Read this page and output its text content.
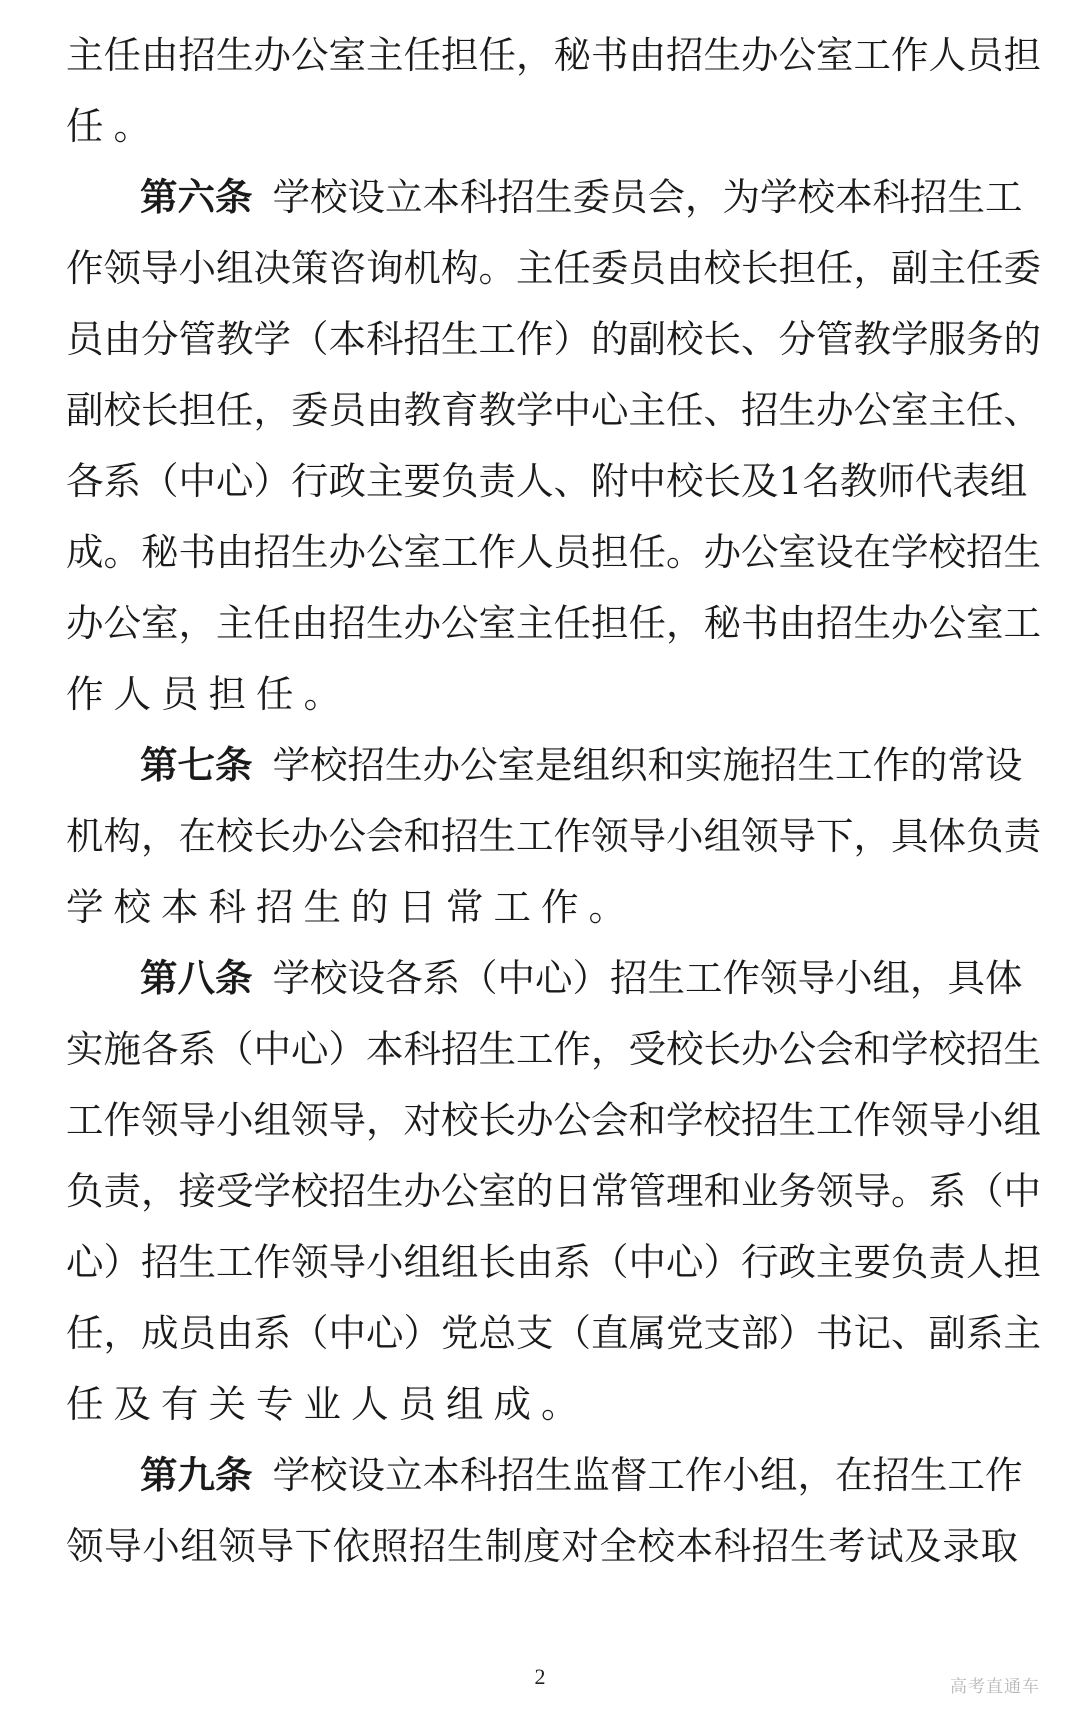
主任由招生办公室主任担任，秘书由招生办公室工作人员担
任。
第六条 学校设立本科招生委员会，为学校本科招生工
作领导小组决策咨询机构。主任委员由校长担任，副主任委
员由分管教学（本科招生工作）的副校长、分管教学服务的
副校长担任，委员由教育教学中心主任、招生办公室主任、
各系（中心）行政主要负责人、附中校长及1名教师代表组
成。秘书由招生办公室工作人员担任。办公室设在学校招生
办公室，主任由招生办公室主任担任，秘书由招生办公室工
作人员担任。
第七条 学校招生办公室是组织和实施招生工作的常设
机构，在校长办公会和招生工作领导小组领导下，具体负责
学校本科招生的日常工作。
第八条 学校设各系（中心）招生工作领导小组，具体
实施各系（中心）本科招生工作，受校长办公会和学校招生
工作领导小组领导，对校长办公会和学校招生工作领导小组
负责，接受学校招生办公室的日常管理和业务领导。系（中
心）招生工作领导小组组长由系（中心）行政主要负责人担
任，成员由系（中心）党总支（直属党支部）书记、副系主
任及有关专业人员组成。
第九条 学校设立本科招生监督工作小组，在招生工作
领导小组领导下依照招生制度对全校本科招生考试及录取
2	高考直通车
